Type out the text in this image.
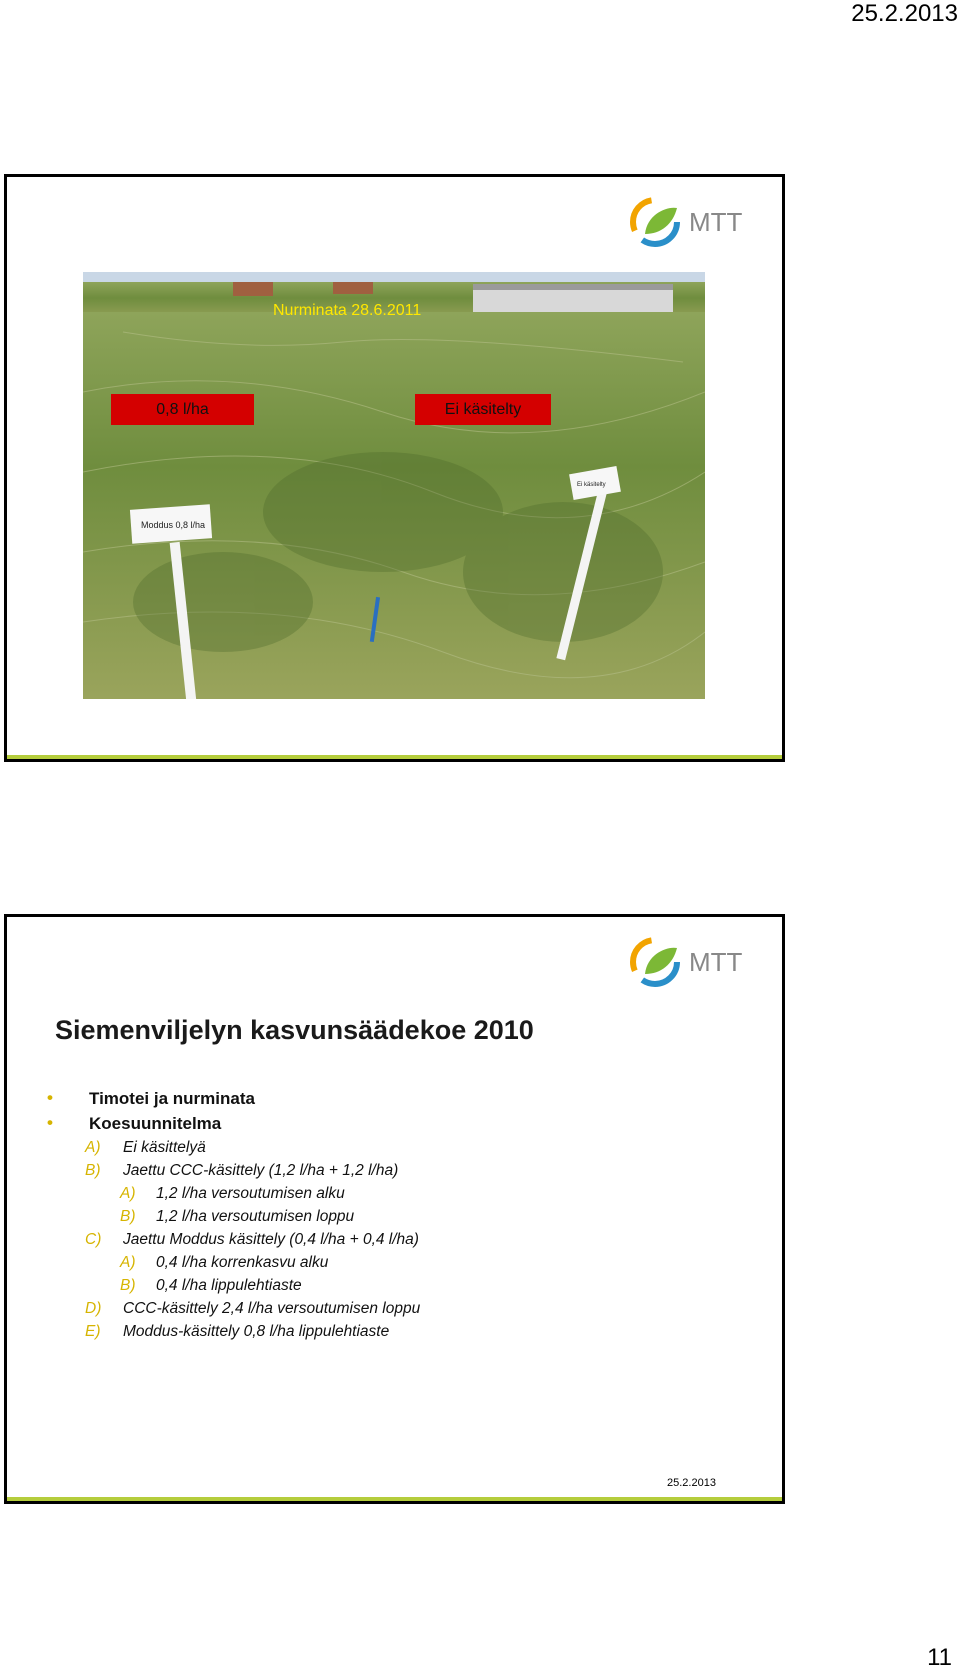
25.2.2013
MTT
Moddus 0,8 l/ha
Ei käsitelty
Nurminata 28.6.2011
0,8 l/ha	Ei käsitelty
MTT
Siemenviljelyn kasvunsäädekoe 2010
• Timotei ja nurminata
• Koesuunnitelma
A) Ei käsittelyä
B) Jaettu CCC-käsittely (1,2 l/ha + 1,2 l/ha)
A) 1,2 l/ha versoutumisen alku
B) 1,2 l/ha versoutumisen loppu
C) Jaettu Moddus käsittely (0,4 l/ha + 0,4 l/ha)
A) 0,4 l/ha korrenkasvu alku
B) 0,4 l/ha lippulehtiaste
D) CCC-käsittely 2,4 l/ha versoutumisen loppu
E) Moddus-käsittely 0,8 l/ha lippulehtiaste
25.2.2013
11
